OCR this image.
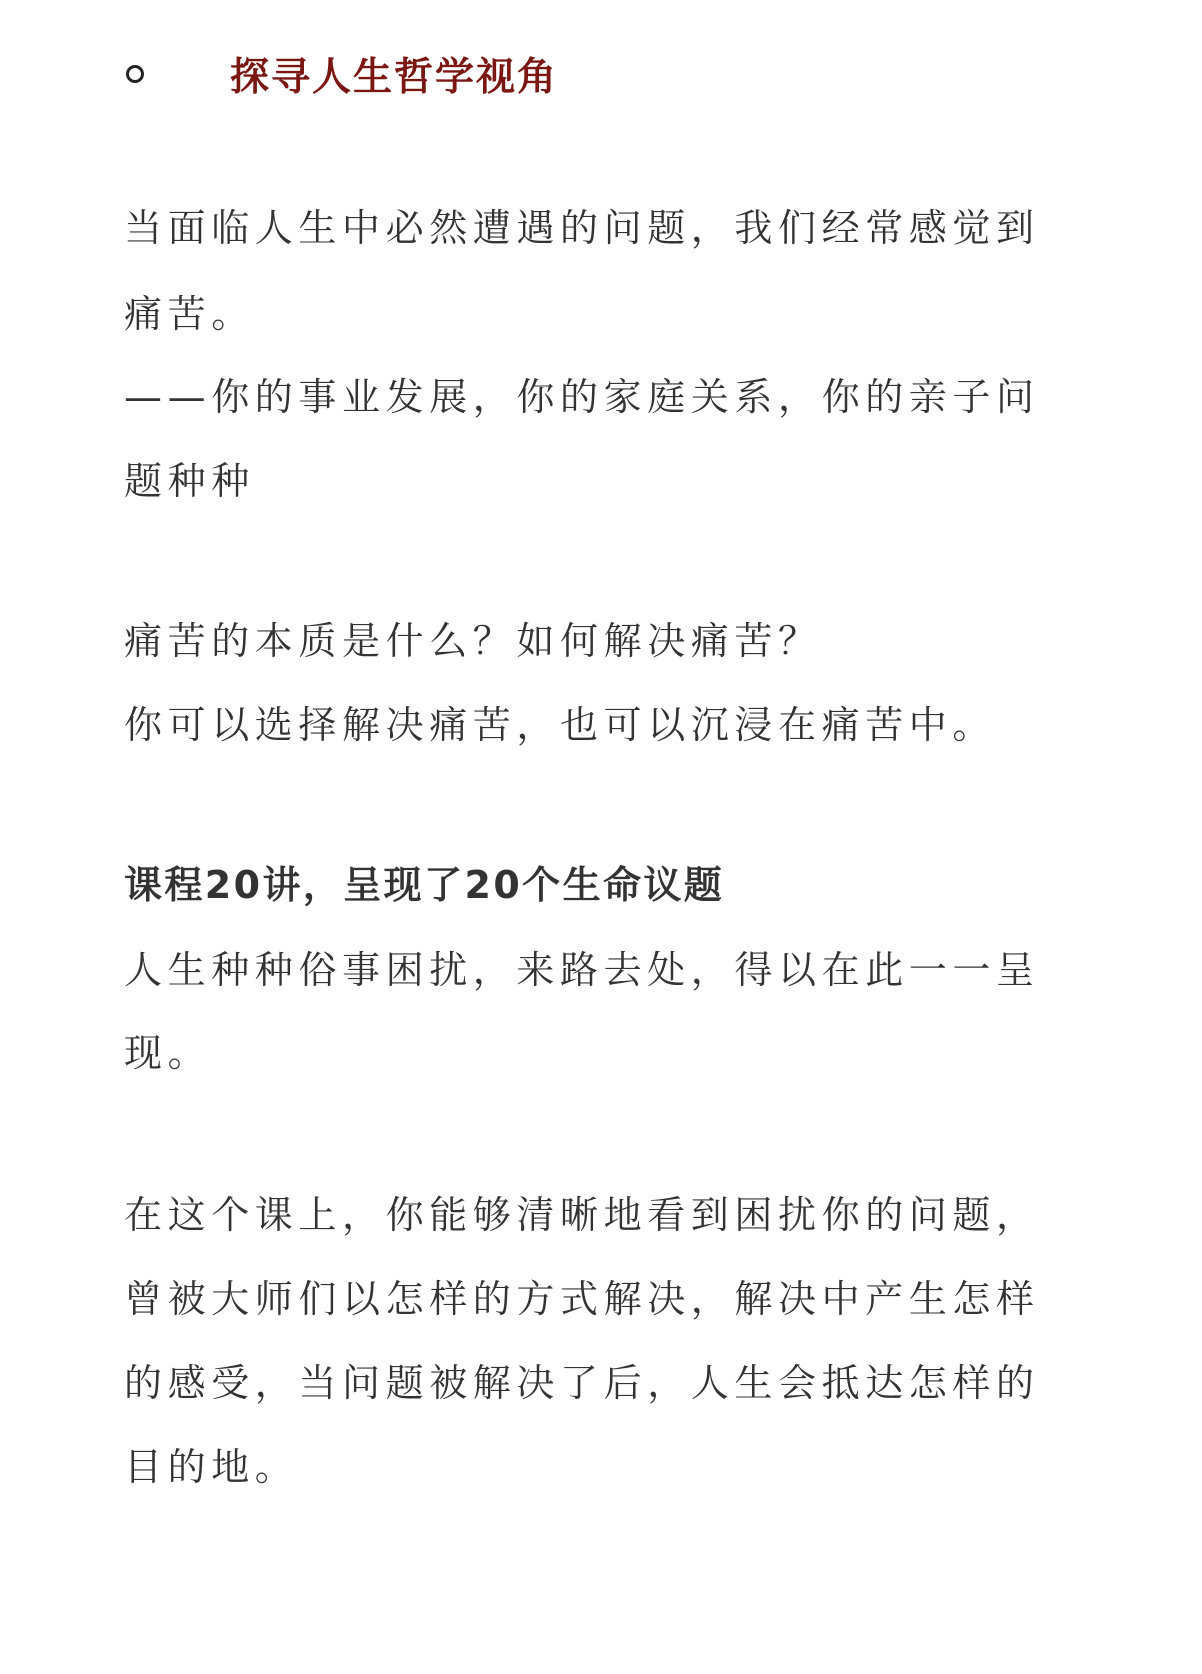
探寻人生哲学视角
当面临人生中必然遭遇的问题，我们经常感觉到
痛苦。
——你的事业发展，你的家庭关系，你的亲子问
题种种
痛苦的本质是什么？如何解决痛苦？
你可以选择解决痛苦，也可以沉浸在痛苦中。
课程20讲，呈现了20个生命议题
人生种种俗事困扰，来路去处，得以在此一一呈
现。
在这个课上，你能够清晰地看到困扰你的问题，
曾被大师们以怎样的方式解决，解决中产生怎样
的感受，当问题被解决了后，人生会抵达怎样的
目的地。
